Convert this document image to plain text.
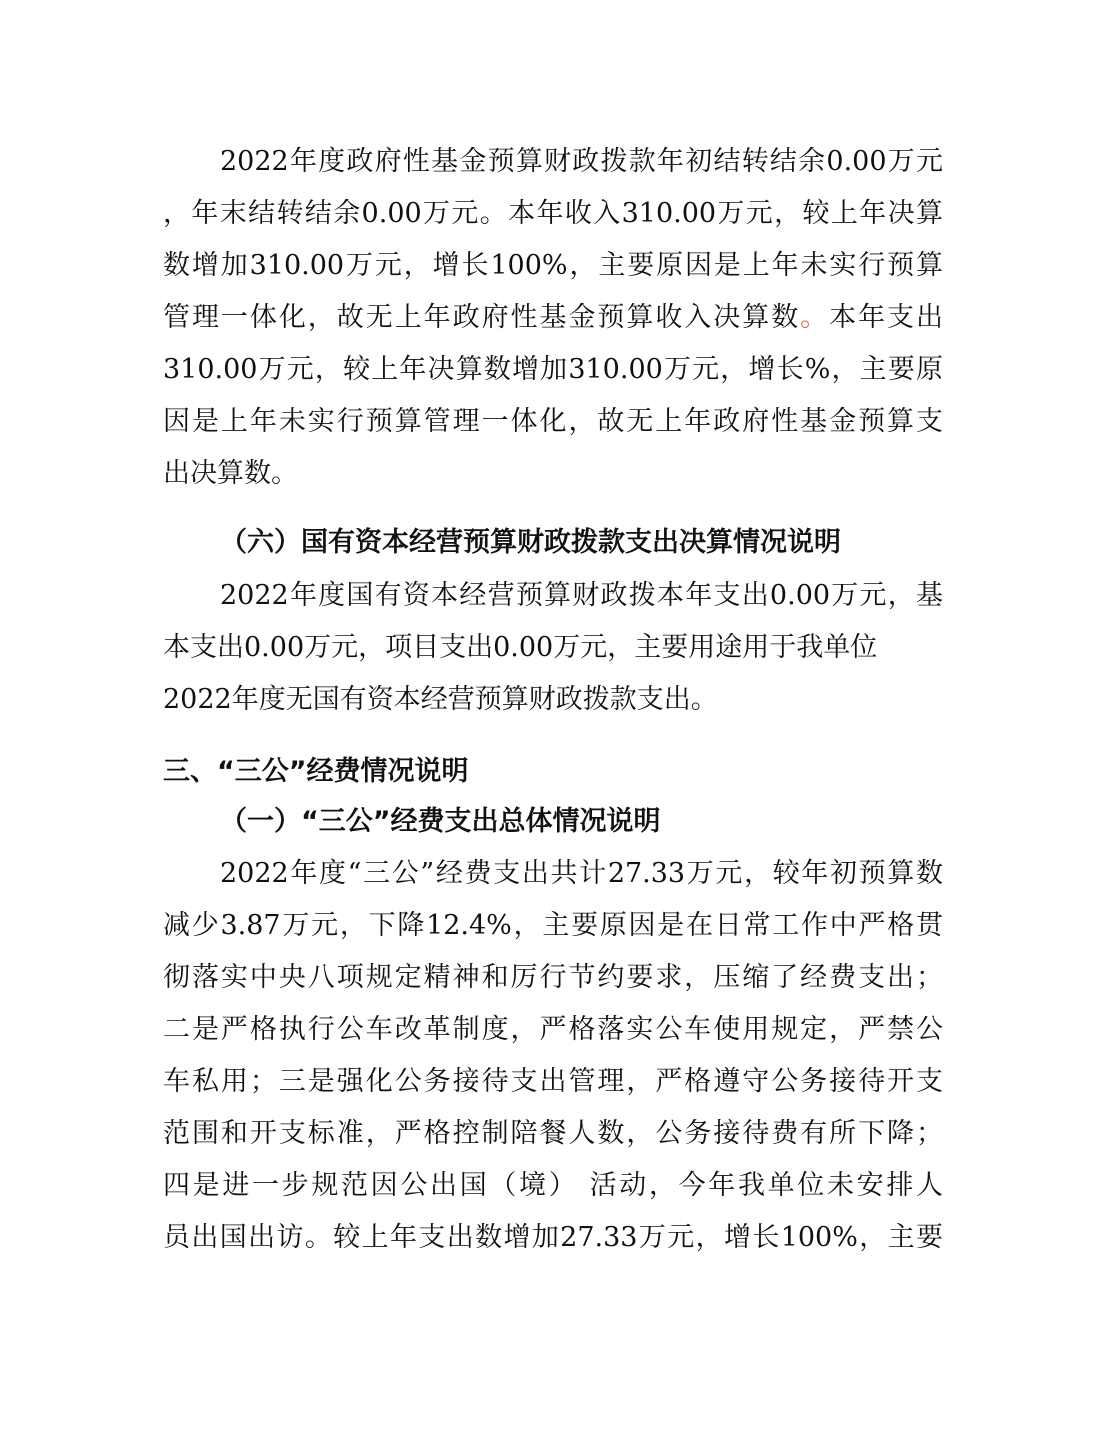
2022年度政府性基金预算财政拨款年初结转结余0.00万元
，年末结转结余0.00万元。本年收入310.00万元，较上年决算
数增加310.00万元，增长100%，主要原因是上年未实行预算
管理一体化，故无上年政府性基金预算收入决算数。本年支出
310.00万元，较上年决算数增加310.00万元，增长%，主要原
因是上年未实行预算管理一体化，故无上年政府性基金预算支
出决算数。
（六）国有资本经营预算财政拨款支出决算情况说明
2022年度国有资本经营预算财政拨本年支出0.00万元，基
本支出0.00万元，项目支出0.00万元，主要用途用于我单位
2022年度无国有资本经营预算财政拨款支出。
三、“三公”经费情况说明
（一）“三公”经费支出总体情况说明
2022年度“三公”经费支出共计27.33万元，较年初预算数
减少3.87万元，下降12.4%，主要原因是在日常工作中严格贯
彻落实中央八项规定精神和厉行节约要求，压缩了经费支出；
二是严格执行公车改革制度，严格落实公车使用规定，严禁公
车私用；三是强化公务接待支出管理，严格遵守公务接待开支
范围和开支标准，严格控制陪餐人数，公务接待费有所下降；
四是进一步规范因公出国（境） 活动，今年我单位未安排人
员出国出访。较上年支出数增加27.33万元，增长100%，主要
